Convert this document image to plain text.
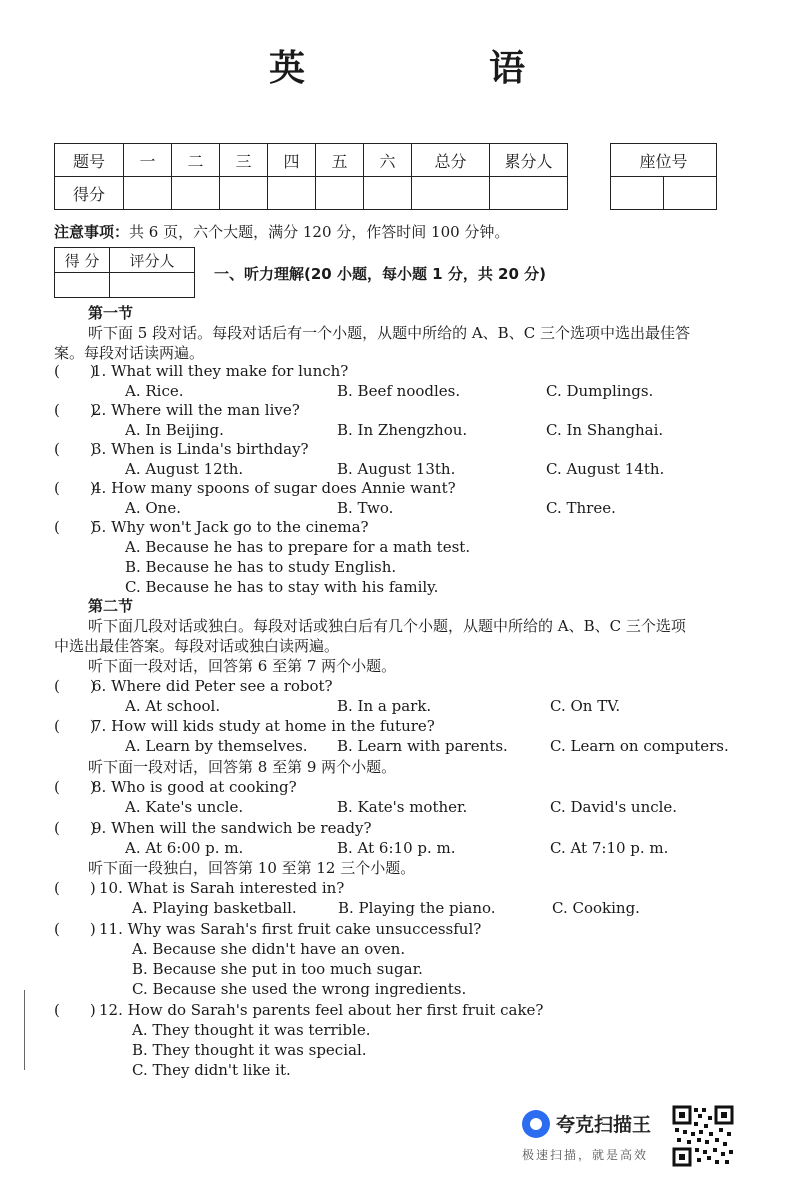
英　语
题号	一	二	三	四	五	六	总分	累分人
得分								
座位号

注意事项：共 6 页，六个大题，满分 120 分，作答时间 100 分钟。
得 分	评分人

一、听力理解(20 小题，每小题 1 分，共 20 分)
第一节
听下面 5 段对话。每段对话后有一个小题，从题中所给的 A、B、C 三个选项中选出最佳答
案。每段对话读两遍。
(　　)
1. What will they make for lunch?
A. Rice.	B. Beef noodles.	C. Dumplings.
(　　)
2. Where will the man live?
A. In Beijing.	B. In Zhengzhou.	C. In Shanghai.
(　　)
3. When is Linda's birthday?
A. August 12th.	B. August 13th.	C. August 14th.
(　　)
4. How many spoons of sugar does Annie want?
A. One.	B. Two.	C. Three.
(　　)
5. Why won't Jack go to the cinema?
A. Because he has to prepare for a math test.
B. Because he has to study English.
C. Because he has to stay with his family.
(　　)
6. Where did Peter see a robot?
A. At school.	B. In a park.	C. On TV.
(　　)
7. How will kids study at home in the future?
A. Learn by themselves. B. Learn with parents.	C. Learn on computers.
(　　)
8. Who is good at cooking?
A. Kate's uncle.	B. Kate's mother.	C. David's uncle.
(　　)
9. When will the sandwich be ready?
A. At 6:00 p. m.	B. At 6:10 p. m.	C. At 7:10 p. m.
(　　) 10. What is Sarah interested in?
A. Playing basketball.	B. Playing the piano.	C. Cooking.
(　　) 11. Why was Sarah's first fruit cake unsuccessful?
A. Because she didn't have an oven.
B. Because she put in too much sugar.
C. Because she used the wrong ingredients.
(　　) 12. How do Sarah's parents feel about her first fruit cake?
A. They thought it was terrible.
B. They thought it was special.
C. They didn't like it.
第二节
听下面几段对话或独白。每段对话或独白后有几个小题，从题中所给的 A、B、C 三个选项
中选出最佳答案。每段对话或独白读两遍。
听下面一段对话，回答第 6 至第 7 两个小题。
听下面一段对话，回答第 8 至第 9 两个小题。
听下面一段独白，回答第 10 至第 12 三个小题。
夸克扫描王
极速扫描，就是高效
